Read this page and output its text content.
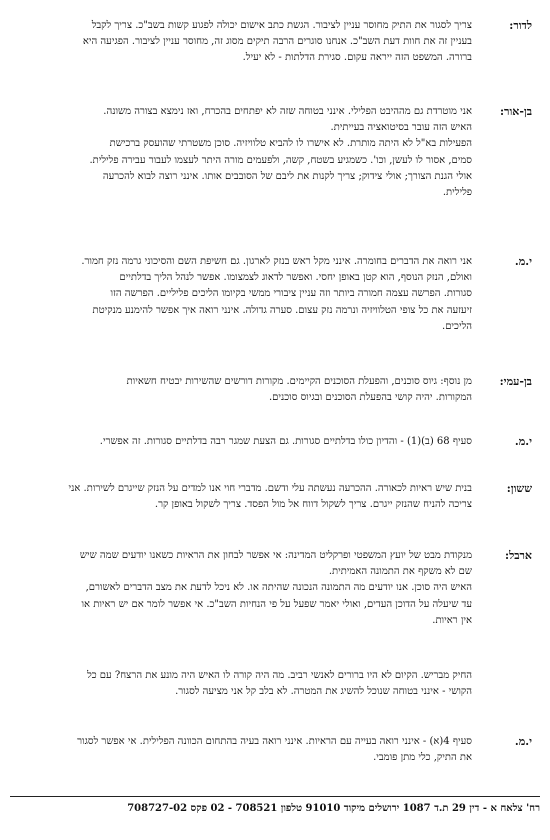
לדור:

צריך לסגור את התיק מחוסר עניין לציבור. הגשת כתב אישום יכולה לפגוע קשות בשב"כ. צריך לקבל

בעניין זה את חוות דעת השב"כ. אנחנו סוגרים הרבה תיקים מסוג זה, מחוסר עניין לציבור. הפגיעה היא

ברורה. המשפט הזה ייראה עקום. סגירת הדלתות - לא יעיל.

בן-אור:

אני מוטרדת גם מההיבט הפלילי. אינני בטוחה שזה לא יפתחים בהכרח, ואז נימצא בצורה משונה.

האיש הזה עובר בסיטואציה בעייתית.

הפעילות בא"ל לא היתה מותרת. לא אישרו לו להביא טלוויזיה. סוכן משטרתי שהועסק ברכישת

סמים, אסור לו לעשן, וכו'. כשמגיע בשטח, קשה, ולפעמים מורה היתר לעצמו לעבור עבירה פלילית.

אולי הגנת הצורך; אולי צידוק; צריך לקנות את ליבם של הסובבים אותו. אינני רוצה לבוא להכרעה

פלילית.

י.מ.

אני רואה את הדברים בחומרה. אינני מקל ראש בנזק לארגון. גם חשיפת השם והסיכוני גרמה נזק חמור.

ואולם, הנזק הנוסף, הוא קטן באופן יחסי. ואפשר לדאוג לצמצומו. אפשר לנהל הליך בדלתיים

סגורות. הפרשה עצמה חמורה ביותר וזה עניין ציבורי ממשי בקיומו הליכים פליליים. הפרשה הזו

זיעזעה את כל צופי הטלוויזיה ונרמה נזק עצום. סערה גדולה. אינני רואה איך אפשר להימנע מנקיטת

הליכים.

בן-עמי:

מן נוסף: גיוס סוכנים, והפעלת הסוכנים הקיימים. מקורות דורשים שהשירות יבטיח חשאיות

המקורות. יהיה קושי בהפעלת הסוכנים ובגיוס סוכנים.

י.מ.

סעיף 68 (ב)(1) - והדיון כולו בדלתיים סגורות. גם הצעת שמגר רבה בדלתיים סגורות. זה אפשרי.

ששון:

בנית שיש ראיות לכאורה. ההכרעה נעשתה עלי ודשם. מדברי חוי אנו למדים על הנזק שייגרם לשירות. אני

צריכה להניח שהנזק ייגרם. צריך לשקול דווח אל מול הפסד. צריך לשקול באופן קר.

ארבל:

מנקודת מבט של יועץ המשפטי ופרקליט המדינה: אי אפשר לבחון את הראיות כשאנו יודעים שמה שיש

שם לא משקף את התמונה האמיתית.

האיש היה סוכן. אנו יודעים מה התמונה הנכונה שהיתה או. לא ניכל לדעת את מצב הדברים לאשורם,

עד שיעלה על הדוכן העדים, ואולי יאמר שפעל על פי הנחיות השב"כ. אי אפשר לומר אם יש ראיות או

אין ראיות.

החיק מבריש. הקיום לא היו ברורים לאנשי רביב. מה היה קורה לו האיש היה מונע את הרצח? עם כל

הקושי - אינני בטוחה שנוכל להשיג את המטרה. לא בלב קל אני מציעה לסגור.

י.מ.

סעיף 4(א) - אינני רואה בעייה עם הראיות. אינני רואה בעיה בהתחום הכוונה הפלילית. אי אפשר לסגור

את התיק, כלי מתן פומבי.

רח' צלאח א - דין 29 ת.ד 1087 ירושלים מיקוד 91010 טלפון 708521 - 02 פקס 708727-02
